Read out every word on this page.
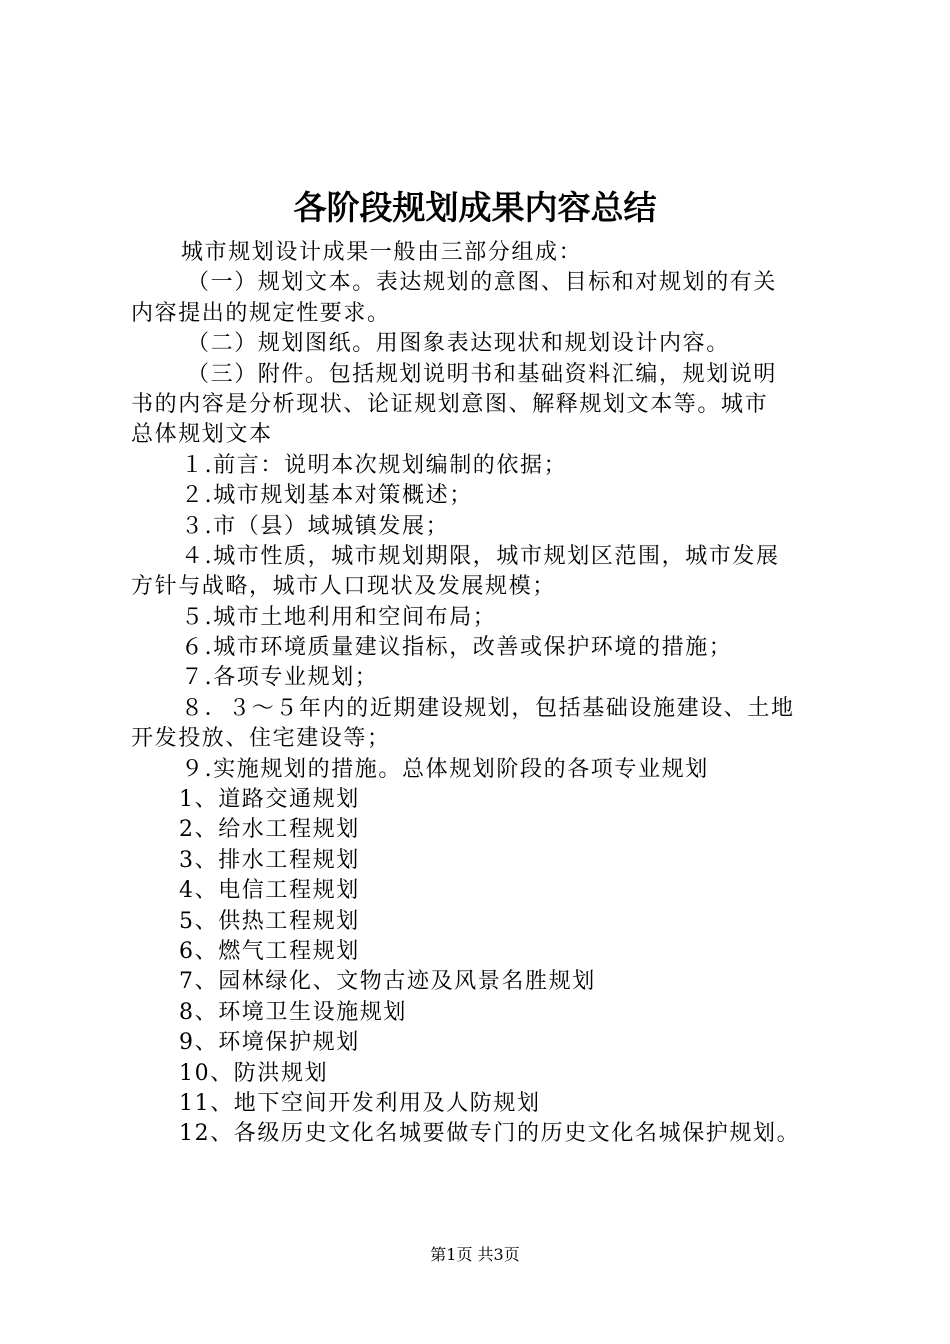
各阶段规划成果内容总结
城市规划设计成果一般由三部分组成：
（一）规划文本。表达规划的意图、目标和对规划的有关
内容提出的规定性要求。
（二）规划图纸。用图象表达现状和规划设计内容。
（三）附件。包括规划说明书和基础资料汇编，规划说明
书的内容是分析现状、论证规划意图、解释规划文本等。城市
总体规划文本
１.前言：说明本次规划编制的依据；
２.城市规划基本对策概述；
３.市（县）域城镇发展；
４.城市性质，城市规划期限，城市规划区范围，城市发展
方针与战略，城市人口现状及发展规模；
５.城市土地利用和空间布局；
６.城市环境质量建议指标，改善或保护环境的措施；
７.各项专业规划；
８．３～５年内的近期建设规划，包括基础设施建设、土地
开发投放、住宅建设等；
９.实施规划的措施。总体规划阶段的各项专业规划
1、道路交通规划
2、给水工程规划
3、排水工程规划
4、电信工程规划
5、供热工程规划
6、燃气工程规划
7、园林绿化、文物古迹及风景名胜规划
8、环境卫生设施规划
9、环境保护规划
10、防洪规划
11、地下空间开发利用及人防规划
12、各级历史文化名城要做专门的历史文化名城保护规划。
第1页 共3页
